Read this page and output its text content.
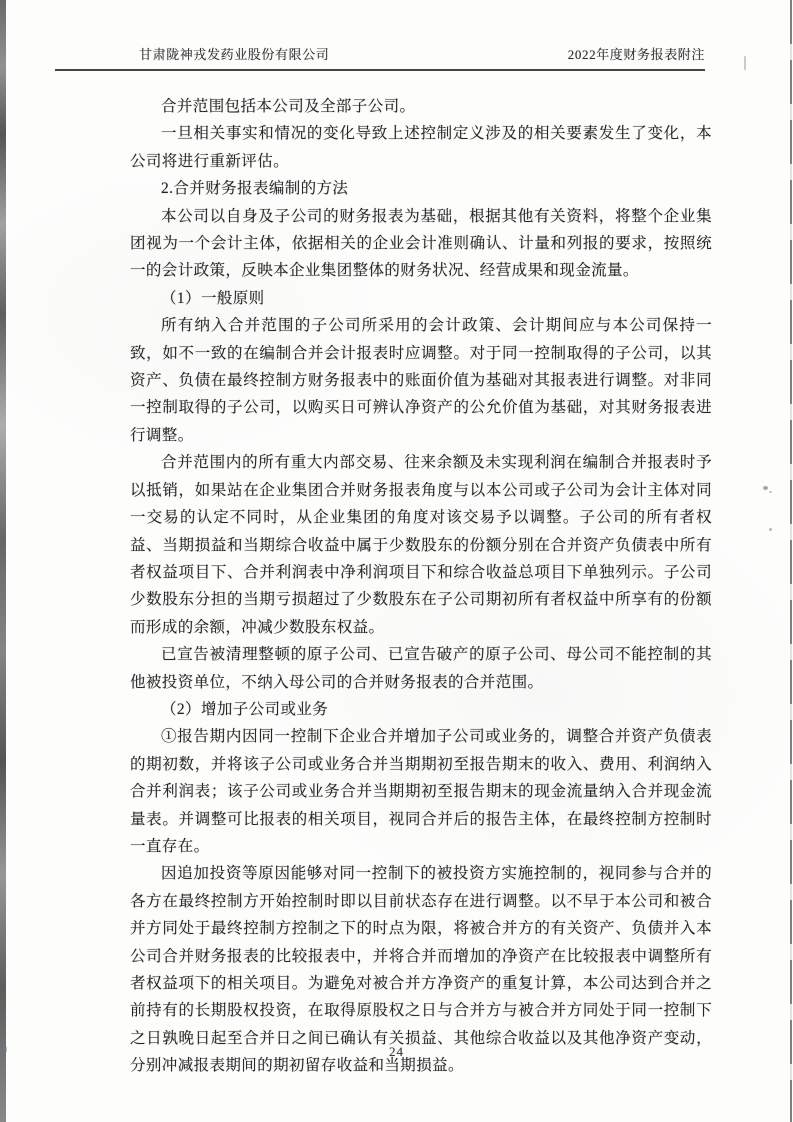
甘肃陇神戎发药业股份有限公司	2022年度财务报表附注

合并范围包括本公司及全部子公司。

一旦相关事实和情况的变化导致上述控制定义涉及的相关要素发生了变化，本公司将进行重新评估。

2.合并财务报表编制的方法

本公司以自身及子公司的财务报表为基础，根据其他有关资料，将整个企业集团视为一个会计主体，依据相关的企业会计准则确认、计量和列报的要求，按照统一的会计政策，反映本企业集团整体的财务状况、经营成果和现金流量。

（1）一般原则

所有纳入合并范围的子公司所采用的会计政策、会计期间应与本公司保持一致，如不一致的在编制合并会计报表时应调整。对于同一控制取得的子公司，以其资产、负债在最终控制方财务报表中的账面价值为基础对其报表进行调整。对非同一控制取得的子公司，以购买日可辨认净资产的公允价值为基础，对其财务报表进行调整。

合并范围内的所有重大内部交易、往来余额及未实现利润在编制合并报表时予以抵销，如果站在企业集团合并财务报表角度与以本公司或子公司为会计主体对同一交易的认定不同时，从企业集团的角度对该交易予以调整。子公司的所有者权益、当期损益和当期综合收益中属于少数股东的份额分别在合并资产负债表中所有者权益项目下、合并利润表中净利润项目下和综合收益总项目下单独列示。子公司少数股东分担的当期亏损超过了少数股东在子公司期初所有者权益中所享有的份额而形成的余额，冲减少数股东权益。

已宣告被清理整顿的原子公司、已宣告破产的原子公司、母公司不能控制的其他被投资单位，不纳入母公司的合并财务报表的合并范围。

（2）增加子公司或业务

①报告期内因同一控制下企业合并增加子公司或业务的，调整合并资产负债表的期初数，并将该子公司或业务合并当期期初至报告期末的收入、费用、利润纳入合并利润表；该子公司或业务合并当期期初至报告期末的现金流量纳入合并现金流量表。并调整可比报表的相关项目，视同合并后的报告主体，在最终控制方控制时一直存在。

因追加投资等原因能够对同一控制下的被投资方实施控制的，视同参与合并的各方在最终控制方开始控制时即以目前状态存在进行调整。以不早于本公司和被合并方同处于最终控制方控制之下的时点为限，将被合并方的有关资产、负债并入本公司合并财务报表的比较报表中，并将合并而增加的净资产在比较报表中调整所有者权益项下的相关项目。为避免对被合并方净资产的重复计算，本公司达到合并之前持有的长期股权投资，在取得原股权之日与合并方与被合并方同处于同一控制下之日孰晚日起至合并日之间已确认有关损益、其他综合收益以及其他净资产变动，分别冲减报表期间的期初留存收益和当期损益。

24
